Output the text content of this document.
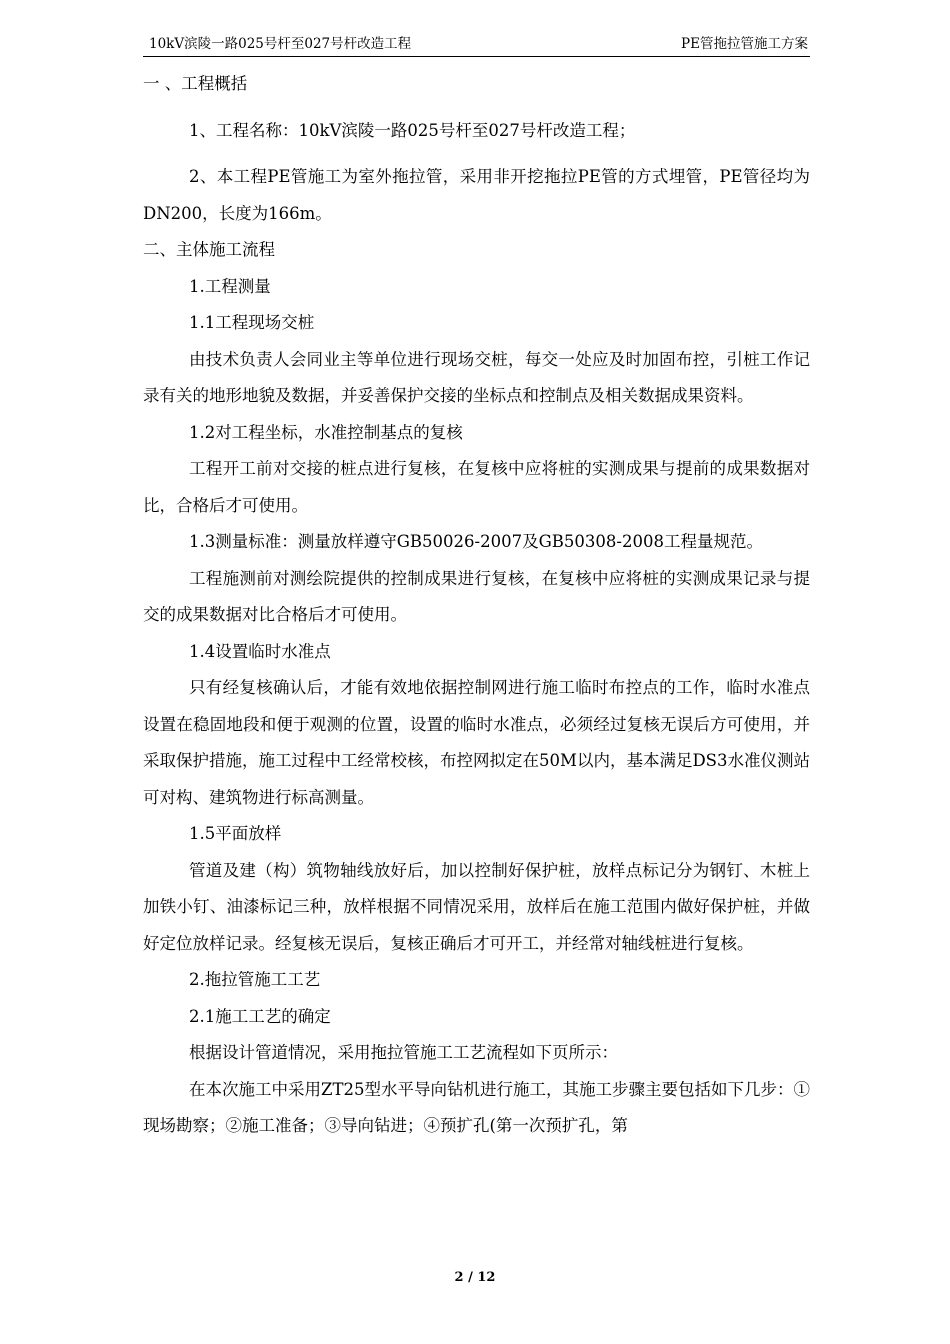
10kV滨陵一路025号杆至027号杆改造工程	PE管拖拉管施工方案

一 、工程概括

1、工程名称：10kV滨陵一路025号杆至027号杆改造工程；

2、本工程PE管施工为室外拖拉管，采用非开挖拖拉PE管的方式埋管，PE管径均为DN200，长度为166m。

二、主体施工流程

1.工程测量

1.1工程现场交桩

由技术负责人会同业主等单位进行现场交桩，每交一处应及时加固布控，引桩工作记录有关的地形地貌及数据，并妥善保护交接的坐标点和控制点及相关数据成果资料。

1.2对工程坐标，水准控制基点的复核

工程开工前对交接的桩点进行复核，在复核中应将桩的实测成果与提前的成果数据对比，合格后才可使用。

1.3测量标准：测量放样遵守GB50026-2007及GB50308-2008工程量规范。

工程施测前对测绘院提供的控制成果进行复核，在复核中应将桩的实测成果记录与提交的成果数据对比合格后才可使用。

1.4设置临时水准点

只有经复核确认后，才能有效地依据控制网进行施工临时布控点的工作，临时水准点设置在稳固地段和便于观测的位置，设置的临时水准点，必须经过复核无误后方可使用，并采取保护措施，施工过程中工经常校核，布控网拟定在50M以内，基本满足DS3水准仪测站可对构、建筑物进行标高测量。

1.5平面放样

管道及建（构）筑物轴线放好后，加以控制好保护桩，放样点标记分为钢钉、木桩上加铁小钉、油漆标记三种，放样根据不同情况采用，放样后在施工范围内做好保护桩，并做好定位放样记录。经复核无误后，复核正确后才可开工，并经常对轴线桩进行复核。

2.拖拉管施工工艺

2.1施工工艺的确定

根据设计管道情况，采用拖拉管施工工艺流程如下页所示：

在本次施工中采用ZT25型水平导向钻机进行施工，其施工步骤主要包括如下几步：①现场勘察；②施工准备；③导向钻进；④预扩孔(第一次预扩孔，第

2 / 12
